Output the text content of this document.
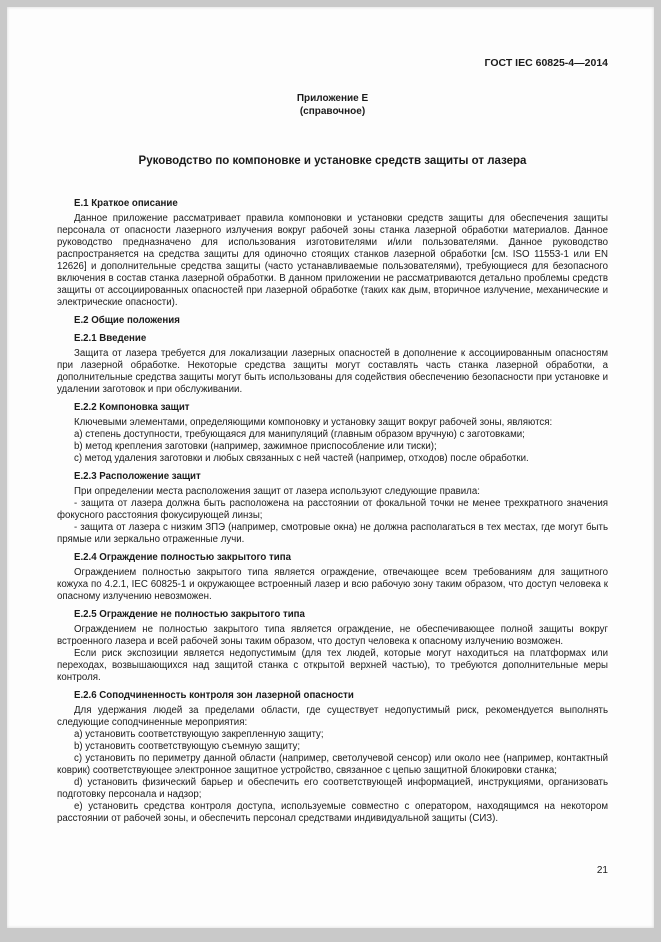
ГОСТ IEC 60825-4—2014
Приложение Е
(справочное)
Руководство по компоновке и установке средств защиты от лазера

Е.1 Краткое описание

Данное приложение рассматривает правила компоновки и установки средств защиты для обеспечения защиты персонала от опасности лазерного излучения вокруг рабочей зоны станка лазерной обработки материалов. Данное руководство предназначено для использования изготовителями и/или пользователями. Данное руководство распространяется на средства защиты для одиночно стоящих станков лазерной обработки [см. ISO 11553-1 или EN 12626] и дополнительные средства защиты (часто устанавливаемые пользователями), требующиеся для безопасного включения в состав станка лазерной обработки. В данном приложении не рассматриваются детально проблемы средств защиты от ассоциированных опасностей при лазерной обработке (таких как дым, вторичное излучение, механические и электрические опасности).

Е.2 Общие положения

Е.2.1 Введение

Защита от лазера требуется для локализации лазерных опасностей в дополнение к ассоциированным опасностям при лазерной обработке. Некоторые средства защиты могут составлять часть станка лазерной обработки, а дополнительные средства защиты могут быть использованы для содействия обеспечению безопасности при установке и удалении заготовок и при обслуживании.

Е.2.2 Компоновка защит

Ключевыми элементами, определяющими компоновку и установку защит вокруг рабочей зоны, являются:

a) степень доступности, требующаяся для манипуляций (главным образом вручную) с заготовками;

b) метод крепления заготовки (например, зажимное приспособление или тиски);

c) метод удаления заготовки и любых связанных с ней частей (например, отходов) после обработки.

Е.2.3 Расположение защит

При определении места расположения защит от лазера используют следующие правила:

- защита от лазера должна быть расположена на расстоянии от фокальной точки не менее трехкратного значения фокусного расстояния фокусирующей линзы;

- защита от лазера с низким ЗПЭ (например, смотровые окна) не должна располагаться в тех местах, где могут быть прямые или зеркально отраженные лучи.

Е.2.4 Ограждение полностью закрытого типа

Ограждением полностью закрытого типа является ограждение, отвечающее всем требованиям для защитного кожуха по 4.2.1, IEC 60825-1 и окружающее встроенный лазер и всю рабочую зону таким образом, что доступ человека к опасному излучению невозможен.

Е.2.5 Ограждение не полностью закрытого типа

Ограждением не полностью закрытого типа является ограждение, не обеспечивающее полной защиты вокруг встроенного лазера и всей рабочей зоны таким образом, что доступ человека к опасному излучению возможен.

Если риск экспозиции является недопустимым (для тех людей, которые могут находиться на платформах или переходах, возвышающихся над защитой станка с открытой верхней частью), то требуются дополнительные меры контроля.

Е.2.6 Соподчиненность контроля зон лазерной опасности

Для удержания людей за пределами области, где существует недопустимый риск, рекомендуется выполнять следующие соподчиненные мероприятия:

a) установить соответствующую закрепленную защиту;

b) установить соответствующую съемную защиту;

c) установить по периметру данной области (например, светолучевой сенсор) или около нее (например, контактный коврик) соответствующее электронное защитное устройство, связанное с цепью защитной блокировки станка;

d) установить физический барьер и обеспечить его соответствующей информацией, инструкциями, организовать подготовку персонала и надзор;

e) установить средства контроля доступа, используемые совместно с оператором, находящимся на некотором расстоянии от рабочей зоны, и обеспечить персонал средствами индивидуальной защиты (СИЗ).

21
